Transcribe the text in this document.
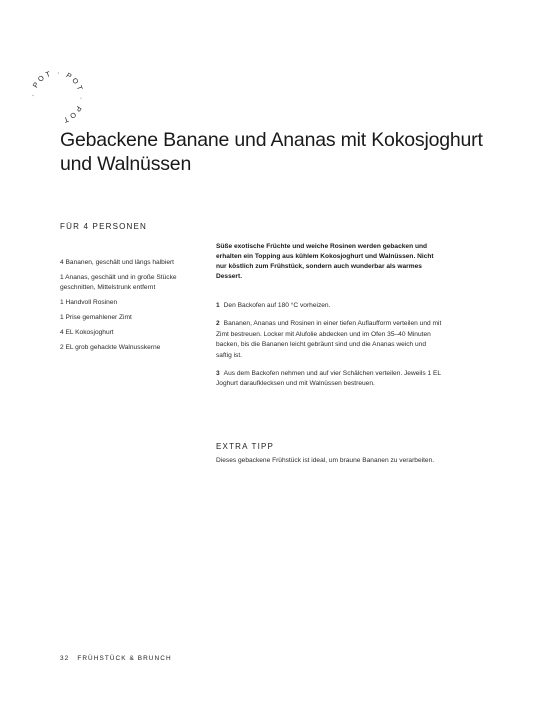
· POT · POT · POT
Gebackene Banane und Ananas mit Kokosjoghurt und Walnüssen
FÜR 4 PERSONEN
4 Bananen, geschält und längs halbiert
1 Ananas, geschält und in große Stücke geschnitten, Mittelstrunk entfernt
1 Handvoll Rosinen
1 Prise gemahlener Zimt
4 EL Kokosjoghurt
2 EL grob gehackte Walnusskerne

Süße exotische Früchte und weiche Rosinen werden gebacken und erhalten ein Topping aus kühlem Kokosjoghurt und Walnüssen. Nicht nur köstlich zum Frühstück, sondern auch wunderbar als warmes Dessert.

1 Den Backofen auf 180 °C vorheizen.
2 Bananen, Ananas und Rosinen in einer tiefen Auflaufform verteilen und mit Zimt bestreuen. Locker mit Alufolie abdecken und im Ofen 35–40 Minuten backen, bis die Bananen leicht gebräunt sind und die Ananas weich und saftig ist.
3 Aus dem Backofen nehmen und auf vier Schälchen verteilen. Jeweils 1 EL Joghurt daraufklecksen und mit Walnüssen bestreuen.
EXTRA TIPP

Dieses gebackene Frühstück ist ideal, um braune Bananen zu verarbeiten.

32 FRÜHSTÜCK & BRUNCH
